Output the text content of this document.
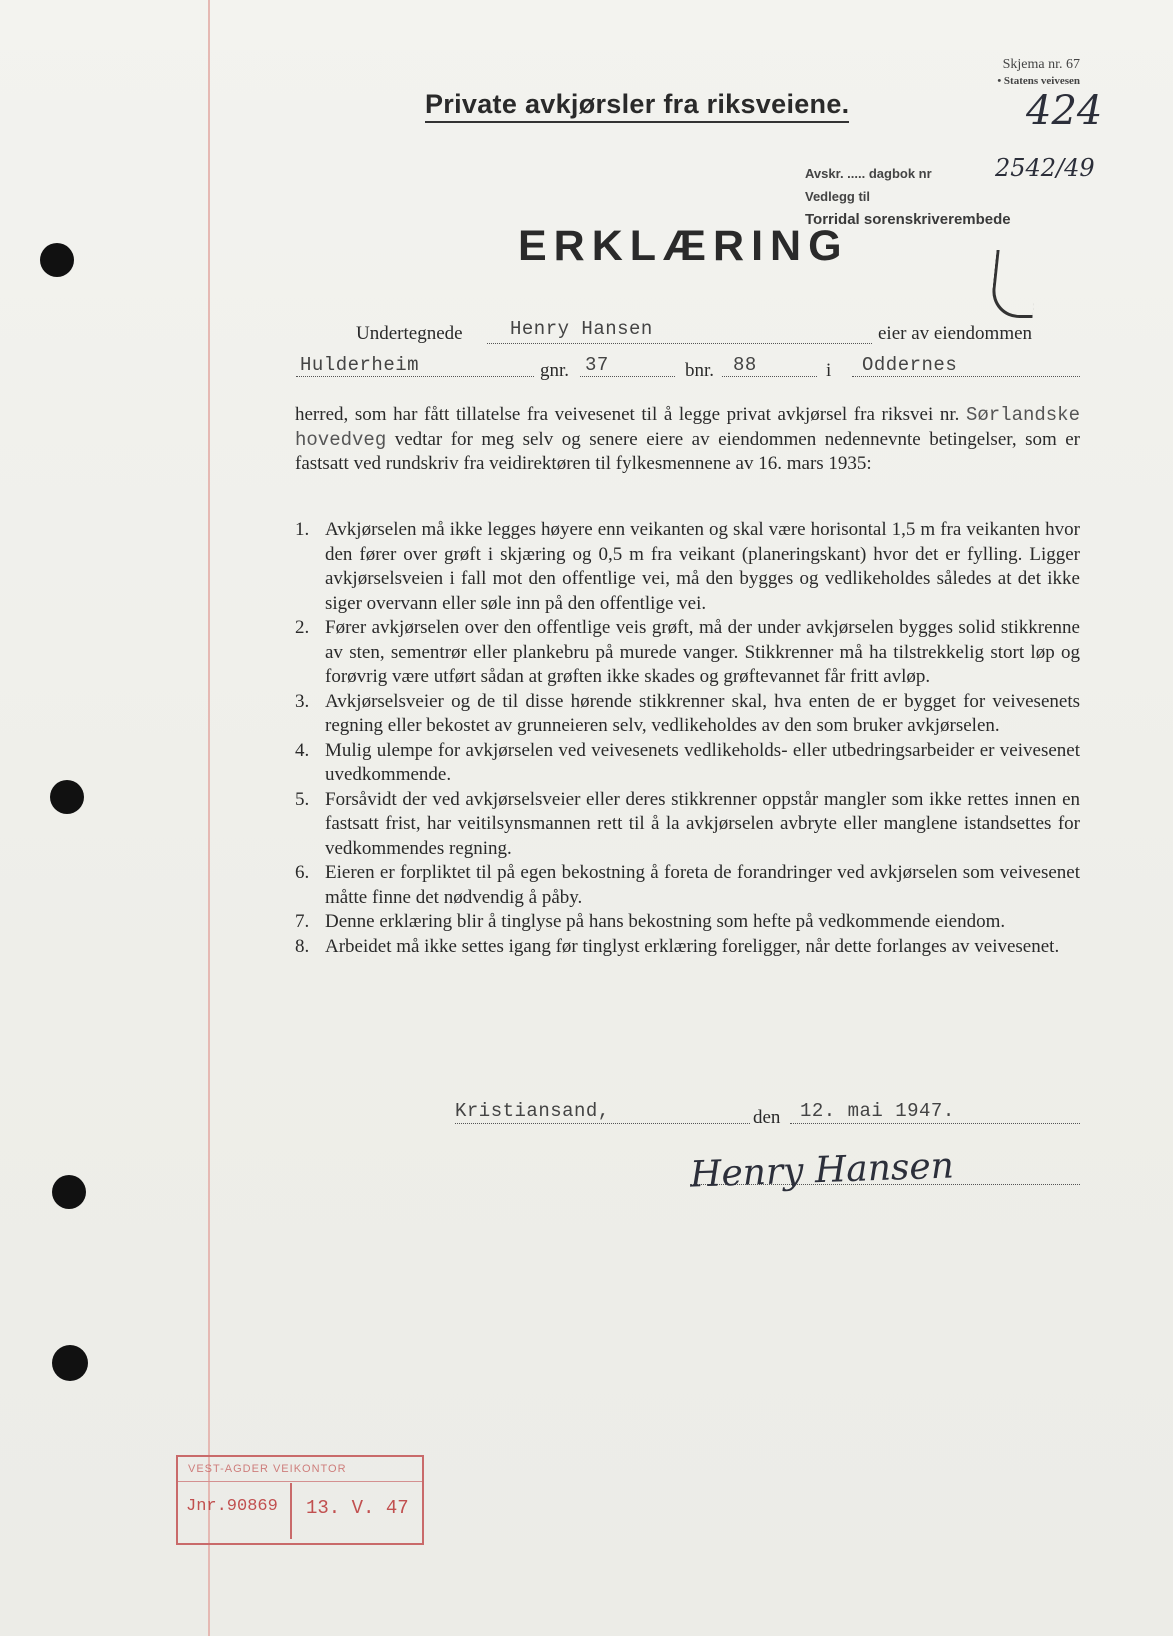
Skjema nr. 67
• Statens veivesen
Private avkjørsler fra riksveiene.	424
Avskr. ..... dagbok nr
Vedlegg til
Torridal sorenskriverembede
2542/49
ERKLÆRING
Undertegnede Henry Hansen	eier av eiendommen
Hulderheim	gnr. 37	bnr. 88	i Oddernes
herred, som har fått tillatelse fra veivesenet til å legge privat avkjørsel fra riksvei nr. Sørlandske hovedveg vedtar for meg selv og senere eiere av eiendommen nedennevnte betingelser, som er fastsatt ved rundskriv fra veidirektøren til fylkesmennene av 16. mars 1935:
1. Avkjørselen må ikke legges høyere enn veikanten og skal være horisontal 1,5 m fra veikanten hvor den fører over grøft i skjæring og 0,5 m fra veikant (planeringskant) hvor det er fylling. Ligger avkjørselsveien i fall mot den offentlige vei, må den bygges og vedlikeholdes således at det ikke siger overvann eller søle inn på den offentlige vei.
2. Fører avkjørselen over den offentlige veis grøft, må der under avkjørselen bygges solid stikkrenne av sten, sementrør eller plankebru på murede vanger. Stikkrenner må ha tilstrekkelig stort løp og forøvrig være utført sådan at grøften ikke skades og grøftevannet får fritt avløp.
3. Avkjørselsveier og de til disse hørende stikkrenner skal, hva enten de er bygget for veivesenets regning eller bekostet av grunneieren selv, vedlikeholdes av den som bruker avkjørselen.
4. Mulig ulempe for avkjørselen ved veivesenets vedlikeholds- eller utbedringsarbeider er veivesenet uvedkommende.
5. Forsåvidt der ved avkjørselsveier eller deres stikkrenner oppstår mangler som ikke rettes innen en fastsatt frist, har veitilsynsmannen rett til å la avkjørselen avbryte eller manglene istandsettes for vedkommendes regning.
6. Eieren er forpliktet til på egen bekostning å foreta de forandringer ved avkjørselen som veivesenet måtte finne det nødvendig å påby.
7. Denne erklæring blir å tinglyse på hans bekostning som hefte på vedkommende eiendom.
8. Arbeidet må ikke settes igang før tinglyst erklæring foreligger, når dette forlanges av veivesenet.
Kristiansand,	den 12. mai 1947.
Henry Hansen
VEST-AGDER VEIKONTOR
Jnr.90869 13. V. 47
